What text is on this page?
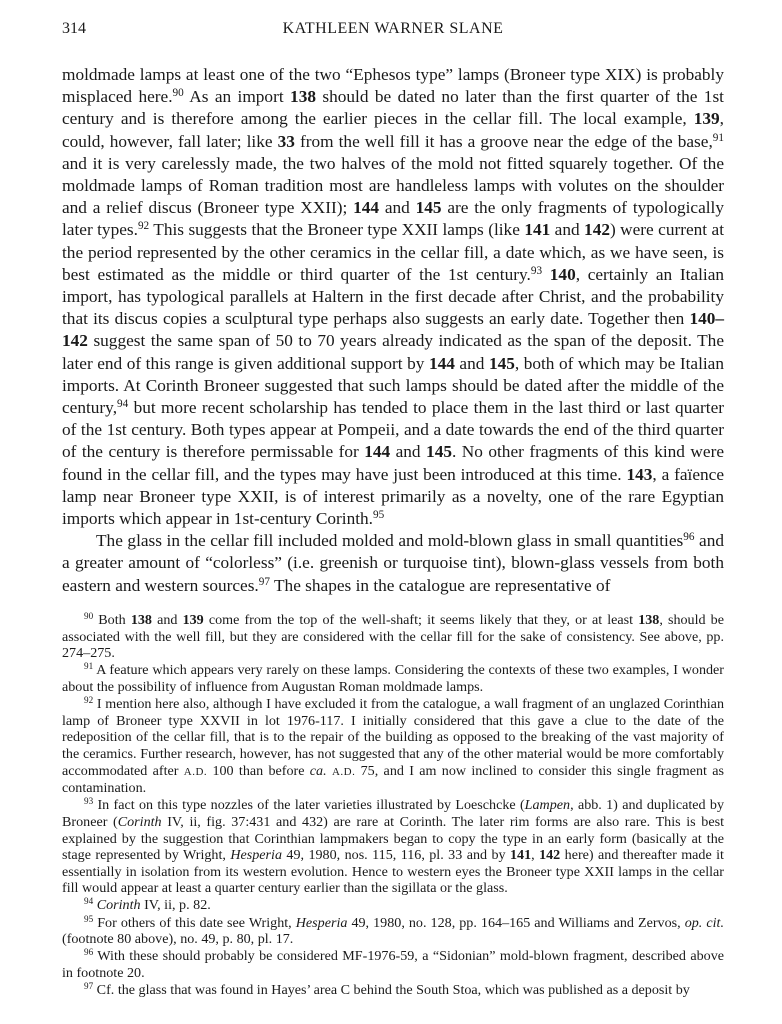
314	KATHLEEN WARNER SLANE

moldmade lamps at least one of the two “Ephesos type” lamps (Broneer type XIX) is probably misplaced here.$^{90}$ As an import 138 should be dated no later than the first quarter of the 1st century and is therefore among the earlier pieces in the cellar fill. The local example, 139, could, however, fall later; like 33 from the well fill it has a groove near the edge of the base,$^{91}$ and it is very carelessly made, the two halves of the mold not fitted squarely together. Of the moldmade lamps of Roman tradition most are handleless lamps with volutes on the shoulder and a relief discus (Broneer type XXII); 144 and 145 are the only fragments of typologically later types.$^{92}$ This suggests that the Broneer type XXII lamps (like 141 and 142) were current at the period represented by the other ceramics in the cellar fill, a date which, as we have seen, is best estimated as the middle or third quarter of the 1st century.$^{93}$ 140, certainly an Italian import, has typological parallels at Haltern in the first decade after Christ, and the probability that its discus copies a sculptural type perhaps also suggests an early date. Together then 140–142 suggest the same span of 50 to 70 years already indicated as the span of the deposit. The later end of this range is given additional support by 144 and 145, both of which may be Italian imports. At Corinth Broneer suggested that such lamps should be dated after the middle of the century,$^{94}$ but more recent scholarship has tended to place them in the last third or last quarter of the 1st century. Both types appear at Pompeii, and a date towards the end of the third quarter of the century is therefore permissable for 144 and 145. No other fragments of this kind were found in the cellar fill, and the types may have just been introduced at this time. 143, a faïence lamp near Broneer type XXII, is of interest primarily as a novelty, one of the rare Egyptian imports which appear in 1st-century Corinth.$^{95}$

The glass in the cellar fill included molded and mold-blown glass in small quantities$^{96}$ and a greater amount of “colorless” (i.e. greenish or turquoise tint), blown-glass vessels from both eastern and western sources.$^{97}$ The shapes in the catalogue are representative of

$^{90}$ Both 138 and 139 come from the top of the well-shaft; it seems likely that they, or at least 138, should be associated with the well fill, but they are considered with the cellar fill for the sake of consistency. See above, pp. 274–275.

$^{91}$ A feature which appears very rarely on these lamps. Considering the contexts of these two examples, I wonder about the possibility of influence from Augustan Roman moldmade lamps.

$^{92}$ I mention here also, although I have excluded it from the catalogue, a wall fragment of an unglazed Corinthian lamp of Broneer type XXVII in lot 1976-117. I initially considered that this gave a clue to the date of the redeposition of the cellar fill, that is to the repair of the building as opposed to the breaking of the vast majority of the ceramics. Further research, however, has not suggested that any of the other material would be more comfortably accommodated after A.D. 100 than before ca. A.D. 75, and I am now inclined to consider this single fragment as contamination.

$^{93}$ In fact on this type nozzles of the later varieties illustrated by Loeschcke (Lampen, abb. 1) and duplicated by Broneer (Corinth IV, ii, fig. 37:431 and 432) are rare at Corinth. The later rim forms are also rare. This is best explained by the suggestion that Corinthian lampmakers began to copy the type in an early form (basically at the stage represented by Wright, Hesperia 49, 1980, nos. 115, 116, pl. 33 and by 141, 142 here) and thereafter made it essentially in isolation from its western evolution. Hence to western eyes the Broneer type XXII lamps in the cellar fill would appear at least a quarter century earlier than the sigillata or the glass.

$^{94}$ Corinth IV, ii, p. 82.

$^{95}$ For others of this date see Wright, Hesperia 49, 1980, no. 128, pp. 164–165 and Williams and Zervos, op. cit. (footnote 80 above), no. 49, p. 80, pl. 17.

$^{96}$ With these should probably be considered MF-1976-59, a “Sidonian” mold-blown fragment, described above in footnote 20.

$^{97}$ Cf. the glass that was found in Hayes’ area C behind the South Stoa, which was published as a deposit by
